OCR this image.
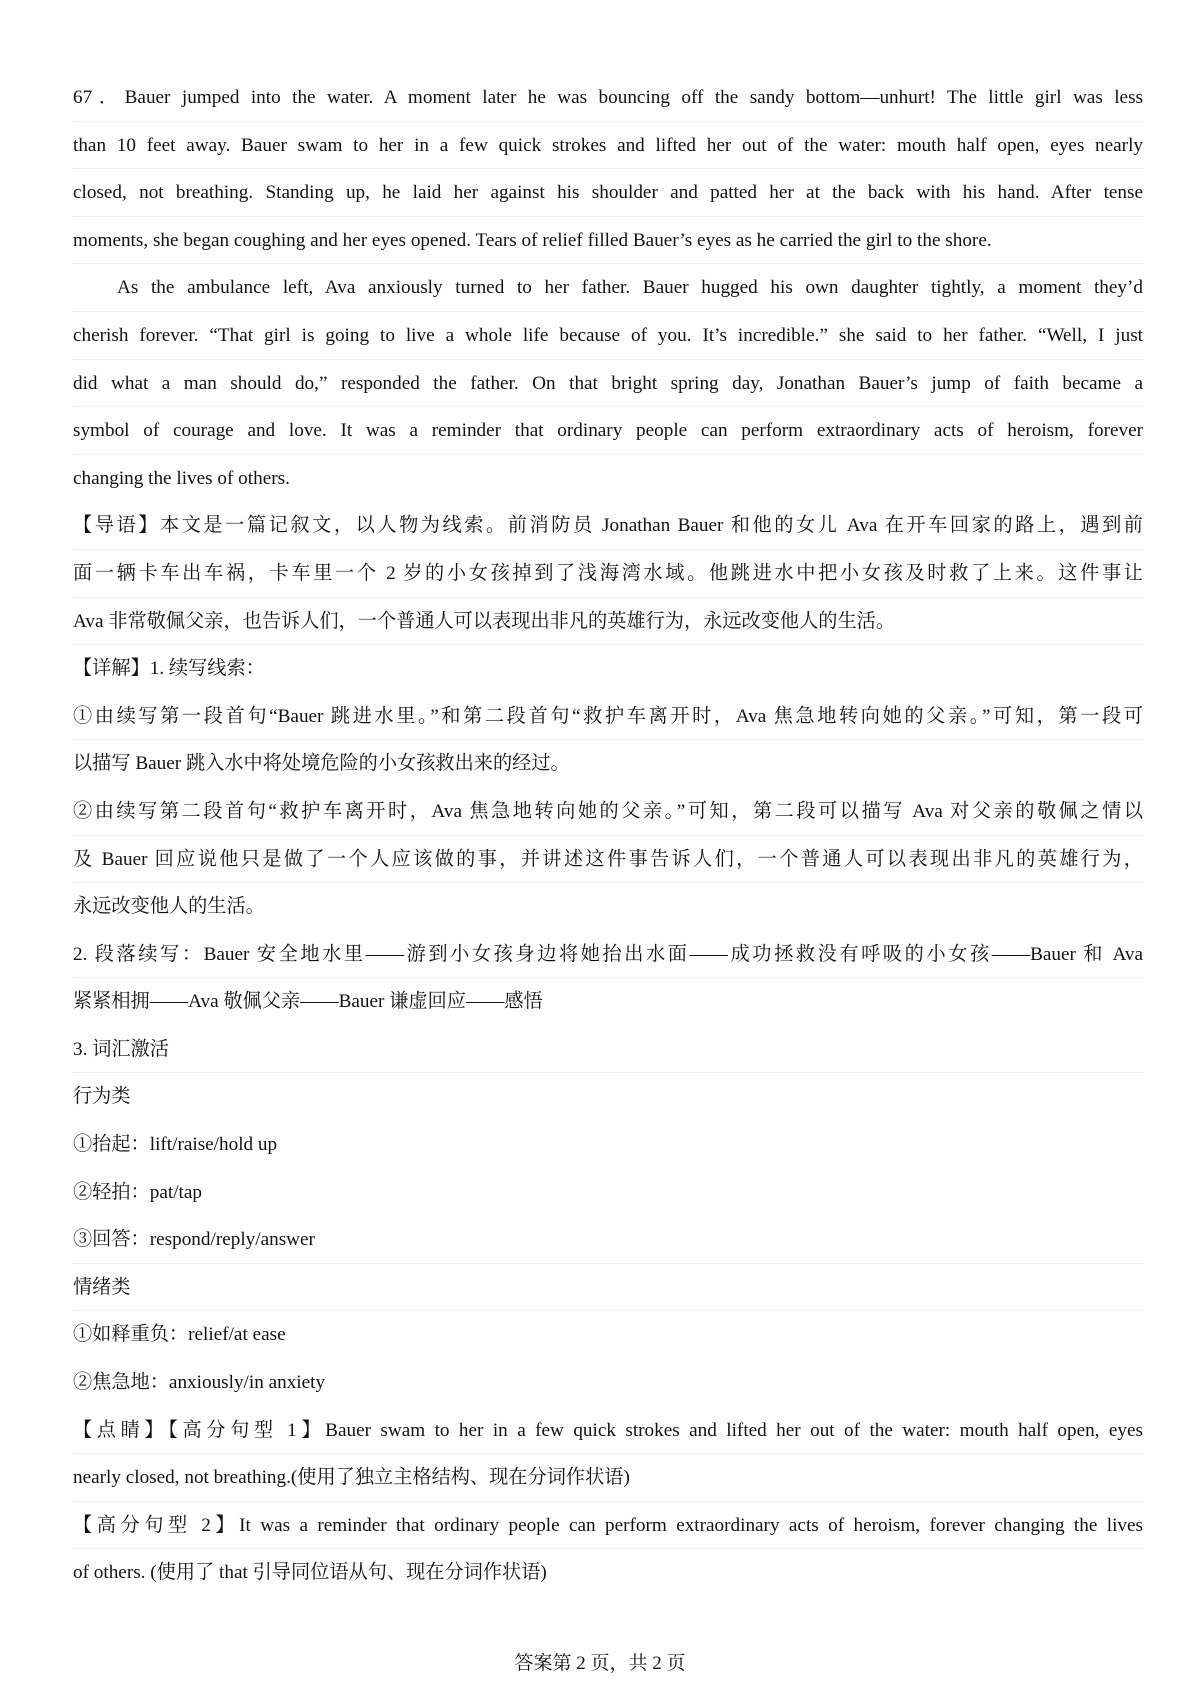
67．Bauer jumped into the water. A moment later he was bouncing off the sandy bottom—unhurt! The little girl was less
than 10 feet away. Bauer swam to her in a few quick strokes and lifted her out of the water: mouth half open, eyes nearly
closed, not breathing. Standing up, he laid her against his shoulder and patted her at the back with his hand. After tense
moments, she began coughing and her eyes opened. Tears of relief filled Bauer’s eyes as he carried the girl to the shore.
As the ambulance left, Ava anxiously turned to her father. Bauer hugged his own daughter tightly, a moment they’d
cherish forever. “That girl is going to live a whole life because of you. It’s incredible.” she said to her father. “Well, I just
did what a man should do,” responded the father. On that bright spring day, Jonathan Bauer’s jump of faith became a
symbol of courage and love. It was a reminder that ordinary people can perform extraordinary acts of heroism, forever
changing the lives of others.
【导语】本文是一篇记叙文，以人物为线索。前消防员 Jonathan Bauer 和他的女儿 Ava 在开车回家的路上，遇到前
面一辆卡车出车祸，卡车里一个 2 岁的小女孩掉到了浅海湾水域。他跳进水中把小女孩及时救了上来。这件事让
Ava 非常敬佩父亲，也告诉人们，一个普通人可以表现出非凡的英雄行为，永远改变他人的生活。
【详解】1. 续写线索：
①由续写第一段首句“Bauer 跳进水里。”和第二段首句“救护车离开时，Ava 焦急地转向她的父亲。”可知，第一段可
以描写 Bauer 跳入水中将处境危险的小女孩救出来的经过。
②由续写第二段首句“救护车离开时，Ava 焦急地转向她的父亲。”可知，第二段可以描写 Ava 对父亲的敬佩之情以
及 Bauer 回应说他只是做了一个人应该做的事，并讲述这件事告诉人们，一个普通人可以表现出非凡的英雄行为，
永远改变他人的生活。
2. 段落续写：Bauer 安全地水里——游到小女孩身边将她抬出水面——成功拯救没有呼吸的小女孩——Bauer 和 Ava
紧紧相拥——Ava 敬佩父亲——Bauer 谦虚回应——感悟
3. 词汇激活
行为类
①抬起：lift/raise/hold up
②轻拍：pat/tap
③回答：respond/reply/answer
情绪类
①如释重负：relief/at ease
②焦急地：anxiously/in anxiety
【点睛】【高分句型 1】Bauer swam to her in a few quick strokes and lifted her out of the water: mouth half open, eyes
nearly closed, not breathing.(使用了独立主格结构、现在分词作状语)
【高分句型 2】It was a reminder that ordinary people can perform extraordinary acts of heroism, forever changing the lives
of others. (使用了 that 引导同位语从句、现在分词作状语)
答案第 2 页，共 2 页
